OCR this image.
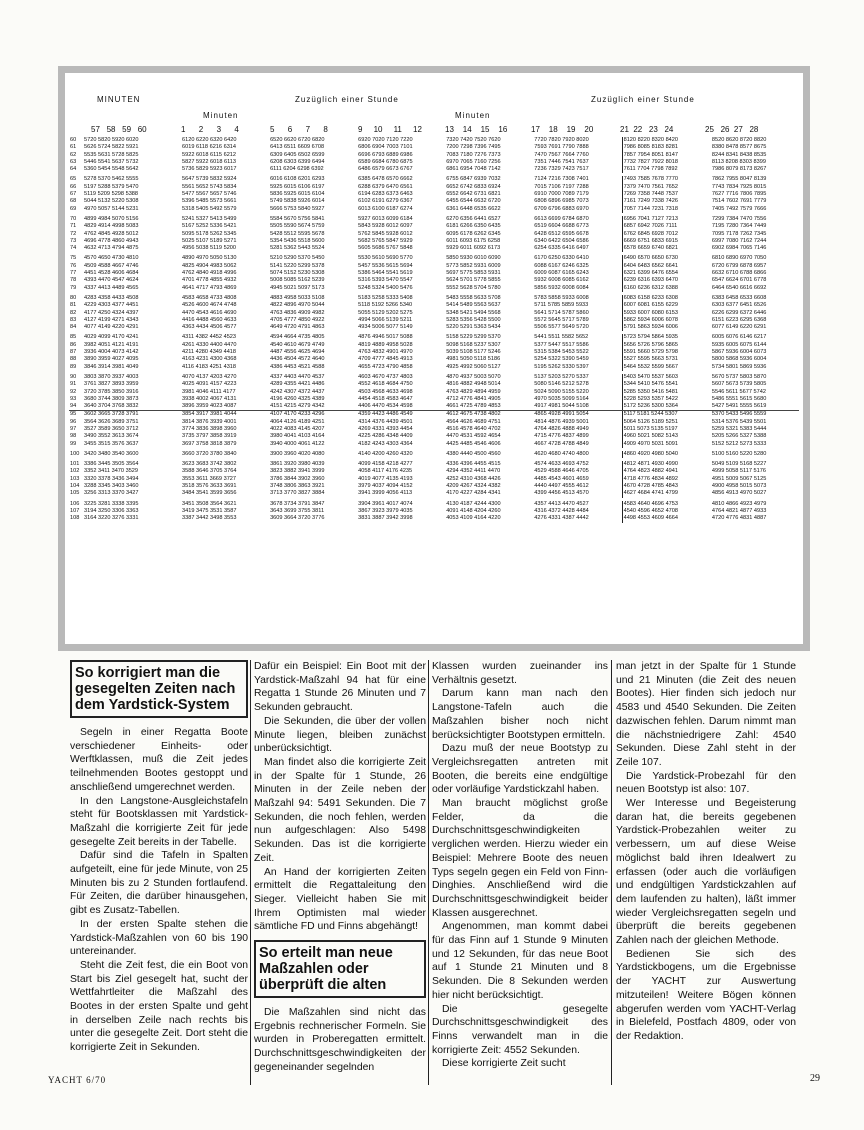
MINUTEN	Zuzüglich einer Stunde	Zuzüglich einer Stunde
Minuten	Minuten
57   58   59   60	1      2      3      4	5      6      7      8	9     10     11     12	13    14    15    16	17    18    19    20	21  22   23   24	25   26  27   28
60	5720 5820 5920 6020	6120 6220 6320 6420	6520 6620 6720 6820	6920 7020 7120 7220	7320 7420 7520 7620	7720 7820 7920 8020	8120 8220 8320 8420	8520 8620 8720 8820
61	5626 5724 5822 5921	6019 6118 6216 6314	6413 6511 6609 6708	6806 6904 7003 7101	7200 7298 7396 7495	7593 7691 7790 7888	7986 8085 8183 8281	8380 8478 8577 8675
62	5535 5631 5728 5825	5922 6018 6115 6212	6309 6405 6502 6599	6696 6793 6889 6986	7083 7180 7276 7373	7470 7567 7664 7760	7857 7954 8051 8147	8244 8341 8438 8535
63	5446 5541 5637 5732	5827 5922 6018 6113	6208 6303 6399 6494	6589 6684 6780 6875	6970 7065 7160 7256	7351 7446 7541 7637	7732 7827 7922 8018	8113 8208 8303 8399
64	5360 5454 5548 5642	5736 5829 5923 6017	6111 6204 6298 6392	6486 6579 6673 6767	6861 6954 7048 7142	7236 7329 7423 7517	7611 7704 7798 7892	7986 8079 8173 8267

65	5278 5370 5462 5555	5647 5739 5832 5924	6016 6108 6201 6293	6385 6478 6570 6662	6755 6847 6939 7032	7124 7216 7308 7401	7493 7585 7678 7770	7862 7955 8047 8139
66	5197 5288 5379 5470	5561 5652 5743 5834	5925 6015 6106 6197	6288 6379 6470 6561	6652 6742 6833 6924	7015 7106 7197 7288	7379 7470 7561 7652	7743 7834 7925 8015
67	5119 5209 5298 5388	5477 5567 5657 5746	5836 5925 6015 6104	6194 6283 6373 6463	6552 6642 6731 6821	6910 7000 7089 7179	7269 7358 7448 7537	7627 7716 7806 7895
68	5044 5132 5220 5308	5396 5485 5573 5661	5749 5838 5926 6014	6102 6191 6279 6367	6455 6544 6632 6720	6808 6896 6985 7073	7161 7249 7338 7426	7514 7602 7691 7779
69	4970 5057 5144 5231	5318 5405 5492 5579	5666 5753 5840 5927	6013 6100 6187 6274	6361 6448 6535 6622	6709 6796 6883 6970	7057 7144 7231 7318	7405 7492 7579 7666

70	4899 4984 5070 5156	5241 5327 5413 5499	5584 5670 5756 5841	5927 6013 6099 6184	6270 6356 6441 6527	6613 6699 6784 6870	6956 7041 7127 7213	7299 7384 7470 7556
71	4829 4914 4998 5083	5167 5252 5336 5421	5505 5590 5674 5759	5843 5928 6012 6097	6181 6266 6350 6435	6519 6604 6688 6773	6857 6942 7026 7111	7195 7280 7364 7449
72	4762 4845 4928 5012	5095 5178 5262 5345	5428 5512 5595 5678	5762 5845 5928 6012	6095 6178 6262 6345	6428 6512 6595 6678	6762 6845 6928 7012	7095 7178 7262 7345
73	4696 4778 4860 4943	5025 5107 5189 5271	5354 5436 5518 5600	5682 5765 5847 5929	6011 6093 6175 6258	6340 6422 6504 6586	6669 6751 6833 6915	6997 7080 7162 7244
74	4632 4713 4794 4875	4956 5038 5119 5200	5281 5362 5443 5524	5605 5686 5767 5848	5929 6011 6092 6173	6254 6335 6416 6497	6578 6659 6740 6821	6902 6984 7065 7146

75	4570 4650 4730 4810	4890 4970 5050 5130	5210 5290 5370 5450	5530 5610 5690 5770	5850 5930 6010 6090	6170 6250 6330 6410	6490 6570 6650 6730	6810 6890 6970 7050
76	4509 4588 4667 4746	4825 4904 4983 5062	5141 5220 5299 5378	5457 5536 5615 5694	5773 5852 5931 6009	6088 6167 6246 6325	6404 6483 6562 6641	6720 6799 6878 6957
77	4451 4528 4606 4684	4762 4840 4918 4996	5074 5152 5230 5308	5386 5464 5541 5619	5697 5775 5853 5931	6009 6087 6165 6243	6321 6399 6476 6554	6632 6710 6788 6866
78	4393 4470 4547 4624	4701 4778 4855 4932	5008 5085 5162 5239	5316 5393 5470 5547	5624 5701 5778 5855	5932 6008 6085 6162	6239 6316 6393 6470	6547 6624 6701 6778
79	4337 4413 4489 4565	4641 4717 4793 4869	4945 5021 5097 5173	5248 5324 5400 5476	5552 5628 5704 5780	5856 5932 6008 6084	6160 6236 6312 6388	6464 6540 6616 6692

80	4283 4358 4433 4508	4583 4658 4733 4808	4883 4958 5033 5108	5183 5258 5333 5408	5483 5558 5633 5708	5783 5858 5933 6008	6083 6158 6233 6308	6383 6458 6533 6608
81	4229 4303 4377 4451	4526 4600 4674 4748	4822 4896 4970 5044	5118 5192 5266 5340	5414 5489 5563 5637	5711 5785 5859 5933	6007 6081 6155 6229	6303 6377 6451 6526
82	4177 4250 4324 4397	4470 4543 4616 4690	4763 4836 4909 4982	5055 5129 5202 5275	5348 5421 5494 5568	5641 5714 5787 5860	5933 6007 6080 6153	6226 6299 6372 6446
83	4127 4199 4271 4343	4416 4488 4560 4633	4705 4777 4850 4922	4994 5066 5139 5211	5283 5356 5428 5500	5572 5645 5717 5789	5862 5934 6006 6078	6151 6223 6295 6368
84	4077 4149 4220 4291	4363 4434 4506 4577	4649 4720 4791 4863	4934 5006 5077 5149	5220 5291 5363 5434	5506 5577 5649 5720	5791 5863 5934 6006	6077 6149 6220 6291

85	4029 4099 4170 4241	4311 4382 4452 4523	4594 4664 4735 4805	4876 4946 5017 5088	5158 5229 5299 5370	5441 5511 5582 5652	5723 5794 5864 5935	6005 6076 6146 6217
86	3982 4051 4121 4191	4261 4330 4400 4470	4540 4610 4679 4749	4819 4889 4958 5028	5098 5168 5237 5307	5377 5447 5517 5586	5656 5726 5796 5865	5935 6005 6075 6144
87	3936 4004 4073 4142	4211 4280 4349 4418	4487 4556 4625 4694	4763 4832 4901 4970	5039 5108 5177 5246	5315 5384 5453 5522	5591 5660 5729 5798	5867 5936 6004 6073
88	3890 3959 4027 4095	4163 4231 4300 4368	4436 4504 4572 4640	4709 4777 4845 4913	4981 5050 5118 5186	5254 5322 5390 5459	5527 5595 5663 5731	5800 5868 5936 6004
89	3846 3914 3981 4049	4116 4183 4251 4318	4386 4453 4521 4588	4655 4723 4790 4858	4925 4992 5060 5127	5195 5262 5330 5397	5464 5532 5599 5667	5734 5801 5869 5936

90	3803 3870 3937 4003	4070 4137 4203 4270	4337 4403 4470 4537	4603 4670 4737 4803	4870 4937 5003 5070	5137 5203 5270 5337	5403 5470 5537 5603	5670 5737 5803 5870
91	3761 3827 3893 3959	4025 4091 4157 4223	4289 4355 4421 4486	4552 4618 4684 4750	4816 4882 4948 5014	5080 5146 5212 5278	5344 5410 5476 5541	5607 5673 5739 5805
92	3720 3785 3850 3916	3981 4046 4111 4177	4242 4307 4372 4437	4503 4568 4633 4698	4763 4829 4894 4959	5024 5090 5155 5220	5285 5350 5416 5481	5546 5611 5677 5742
93	3680 3744 3809 3873	3938 4002 4067 4131	4196 4260 4325 4389	4454 4518 4583 4647	4712 4776 4841 4905	4970 5035 5099 5164	5228 5293 5357 5422	5486 5551 5615 5680
94	3640 3704 3768 3832	3896 3959 4023 4087	4151 4215 4279 4342	4406 4470 4534 4598	4661 4725 4789 4853	4917 4981 5044 5108	5172 5236 5300 5364	5427 5491 5555 5619
95	3602 3665 3728 3791	3854 3917 3981 4044	4107 4170 4233 4296	4359 4423 4486 4549	4612 4675 4738 4802	4865 4928 4991 5054	5117 5181 5244 5307	5370 5433 5496 5559
96	3564 3626 3689 3751	3814 3876 3939 4001	4064 4126 4189 4251	4314 4376 4439 4501	4564 4626 4689 4751	4814 4876 4939 5001	5064 5126 5189 5251	5314 5376 5439 5501
97	3527 3589 3650 3712	3774 3836 3898 3960	4022 4083 4145 4207	4269 4331 4393 4454	4516 4578 4640 4702	4764 4826 4888 4949	5011 5073 5135 5197	5259 5321 5383 5444
98	3490 3552 3613 3674	3735 3797 3858 3919	3980 4041 4103 4164	4225 4286 4348 4409	4470 4531 4592 4654	4715 4776 4837 4899	4960 5021 5082 5143	5205 5266 5327 5388
99	3455 3515 3576 3637	3697 3758 3818 3879	3940 4000 4061 4122	4182 4243 4303 4364	4425 4485 4546 4606	4667 4728 4788 4849	4909 4970 5031 5091	5152 5212 5273 5333

100	3420 3480 3540 3600	3660 3720 3780 3840	3900 3960 4020 4080	4140 4200 4260 4320	4380 4440 4500 4560	4620 4680 4740 4800	4860 4920 4980 5040	5100 5160 5220 5280

101	3386 3445 3505 3564	3623 3683 3742 3802	3861 3920 3980 4039	4099 4158 4218 4277	4336 4396 4455 4515	4574 4633 4693 4752	4812 4871 4930 4990	5049 5109 5168 5227
102	3352 3411 3470 3529	3588 3646 3705 3764	3823 3882 3941 3999	4058 4117 4176 4235	4294 4352 4411 4470	4529 4588 4646 4705	4764 4823 4882 4941	4999 5058 5117 5176
103	3320 3378 3436 3494	3553 3611 3669 3727	3786 3844 3902 3960	4019 4077 4135 4193	4252 4310 4368 4426	4485 4543 4601 4659	4718 4776 4834 4892	4951 5009 5067 5125
104	3288 3345 3403 3460	3518 3576 3633 3691	3748 3806 3863 3921	3979 4037 4094 4152	4209 4267 4324 4382	4440 4497 4555 4612	4670 4728 4785 4843	4900 4958 5015 5073
105	3256 3313 3370 3427	3484 3541 3599 3656	3713 3770 3827 3884	3941 3999 4056 4113	4170 4227 4284 4341	4399 4456 4513 4570	4627 4684 4741 4799	4856 4913 4970 5027

106	3225 3281 3338 3395	3451 3508 3564 3621	3678 3734 3791 3847	3904 3961 4017 4074	4130 4187 4244 4300	4357 4413 4470 4527	4583 4640 4696 4753	4810 4866 4923 4979
107	3194 3250 3306 3363	3419 3475 3531 3587	3643 3699 3755 3811	3867 3923 3979 4035	4091 4148 4204 4260	4316 4372 4428 4484	4540 4596 4652 4708	4764 4821 4877 4933
108	3164 3220 3276 3331	3387 3442 3498 3553	3609 3664 3720 3776	3831 3887 3942 3998	4053 4109 4164 4220	4276 4331 4387 4442	4498 4553 4609 4664	4720 4776 4831 4887
So korrigiert man die gesegelten Zeiten nach dem Yardstick-System

Segeln in einer Regatta Boote verschiedener Einheits- oder Werftklassen, muß die Zeit jedes teilnehmenden Bootes gestoppt und anschließend umgerechnet werden.

In den Langstone-Ausgleichstafeln steht für Bootsklassen mit Yardstick-Maßzahl die korrigierte Zeit für jede gesegelte Zeit bereits in der Tabelle.

Dafür sind die Tafeln in Spalten aufgeteilt, eine für jede Minute, von 25 Minuten bis zu 2 Stunden fortlaufend. Für Zeiten, die darüber hinausgehen, gibt es Zusatz-Tabellen.

In der ersten Spalte stehen die Yardstick-Maßzahlen von 60 bis 190 untereinander.

Steht die Zeit fest, die ein Boot von Start bis Ziel gesegelt hat, sucht der Wettfahrtleiter die Maßzahl des Bootes in der ersten Spalte und geht in derselben Zeile nach rechts bis unter die gesegelte Zeit. Dort steht die korrigierte Zeit in Sekunden.

Dafür ein Beispiel: Ein Boot mit der Yardstick-Maßzahl 94 hat für eine Regatta 1 Stunde 26 Minuten und 7 Sekunden gebraucht.

Die Sekunden, die über der vollen Minute liegen, bleiben zunächst unberücksichtigt.

Man findet also die korrigierte Zeit in der Spalte für 1 Stunde, 26 Minuten in der Zeile neben der Maßzahl 94: 5491 Sekunden. Die 7 Sekunden, die noch fehlen, werden nun aufgeschlagen: Also 5498 Sekunden. Das ist die korrigierte Zeit.

An Hand der korrigierten Zeiten ermittelt die Regattaleitung den Sieger. Vielleicht haben Sie mit Ihrem Optimisten mal wieder sämtliche FD und Finns abgehängt!

So erteilt man neue Maßzahlen oder überprüft die alten

Die Maßzahlen sind nicht das Ergebnis rechnerischer Formeln. Sie wurden in Proberegatten ermittelt. Durchschnittsgeschwindigkeiten der gegeneinander segelnden

Klassen wurden zueinander ins Verhältnis gesetzt.

Darum kann man nach den Langstone-Tafeln auch die Maßzahlen bisher noch nicht berücksichtigter Bootstypen ermitteln.

Dazu muß der neue Bootstyp zu Vergleichsregatten antreten mit Booten, die bereits eine endgültige oder vorläufige Yardstickzahl haben.

Man braucht möglichst große Felder, da die Durchschnittsgeschwindigkeiten verglichen werden. Hierzu wieder ein Beispiel: Mehrere Boote des neuen Typs segeln gegen ein Feld von Finn-Dinghies. Anschließend wird die Durchschnittsgeschwindigkeit beider Klassen ausgerechnet.

Angenommen, man kommt dabei für das Finn auf 1 Stunde 9 Minuten und 12 Sekunden, für das neue Boot auf 1 Stunde 21 Minuten und 8 Sekunden. Die 8 Sekunden werden hier nicht berücksichtigt.

Die gesegelte Durchschnittsgeschwindigkeit des Finns verwandelt man in die korrigierte Zeit: 4552 Sekunden.

Diese korrigierte Zeit sucht

man jetzt in der Spalte für 1 Stunde und 21 Minuten (die Zeit des neuen Bootes). Hier finden sich jedoch nur 4583 und 4540 Sekunden. Die Zeiten dazwischen fehlen. Darum nimmt man die nächstniedrigere Zahl: 4540 Sekunden. Diese Zahl steht in der Zeile 107.

Die Yardstick-Probezahl für den neuen Bootstyp ist also: 107.

Wer Interesse und Begeisterung daran hat, die bereits gegebenen Yardstick-Probezahlen weiter zu verbessern, um auf diese Weise möglichst bald ihren Idealwert zu erfassen (oder auch die vorläufigen und endgültigen Yardstickzahlen auf dem laufenden zu halten), läßt immer wieder Vergleichsregatten segeln und überprüft die bereits gegebenen Zahlen nach der gleichen Methode.

Bedienen Sie sich des Yardstickbogens, um die Ergebnisse der YACHT zur Auswertung mitzuteilen! Weitere Bögen können abgerufen werden vom YACHT-Verlag in Bielefeld, Postfach 4809, oder von der Redaktion.

YACHT 6/70	29
